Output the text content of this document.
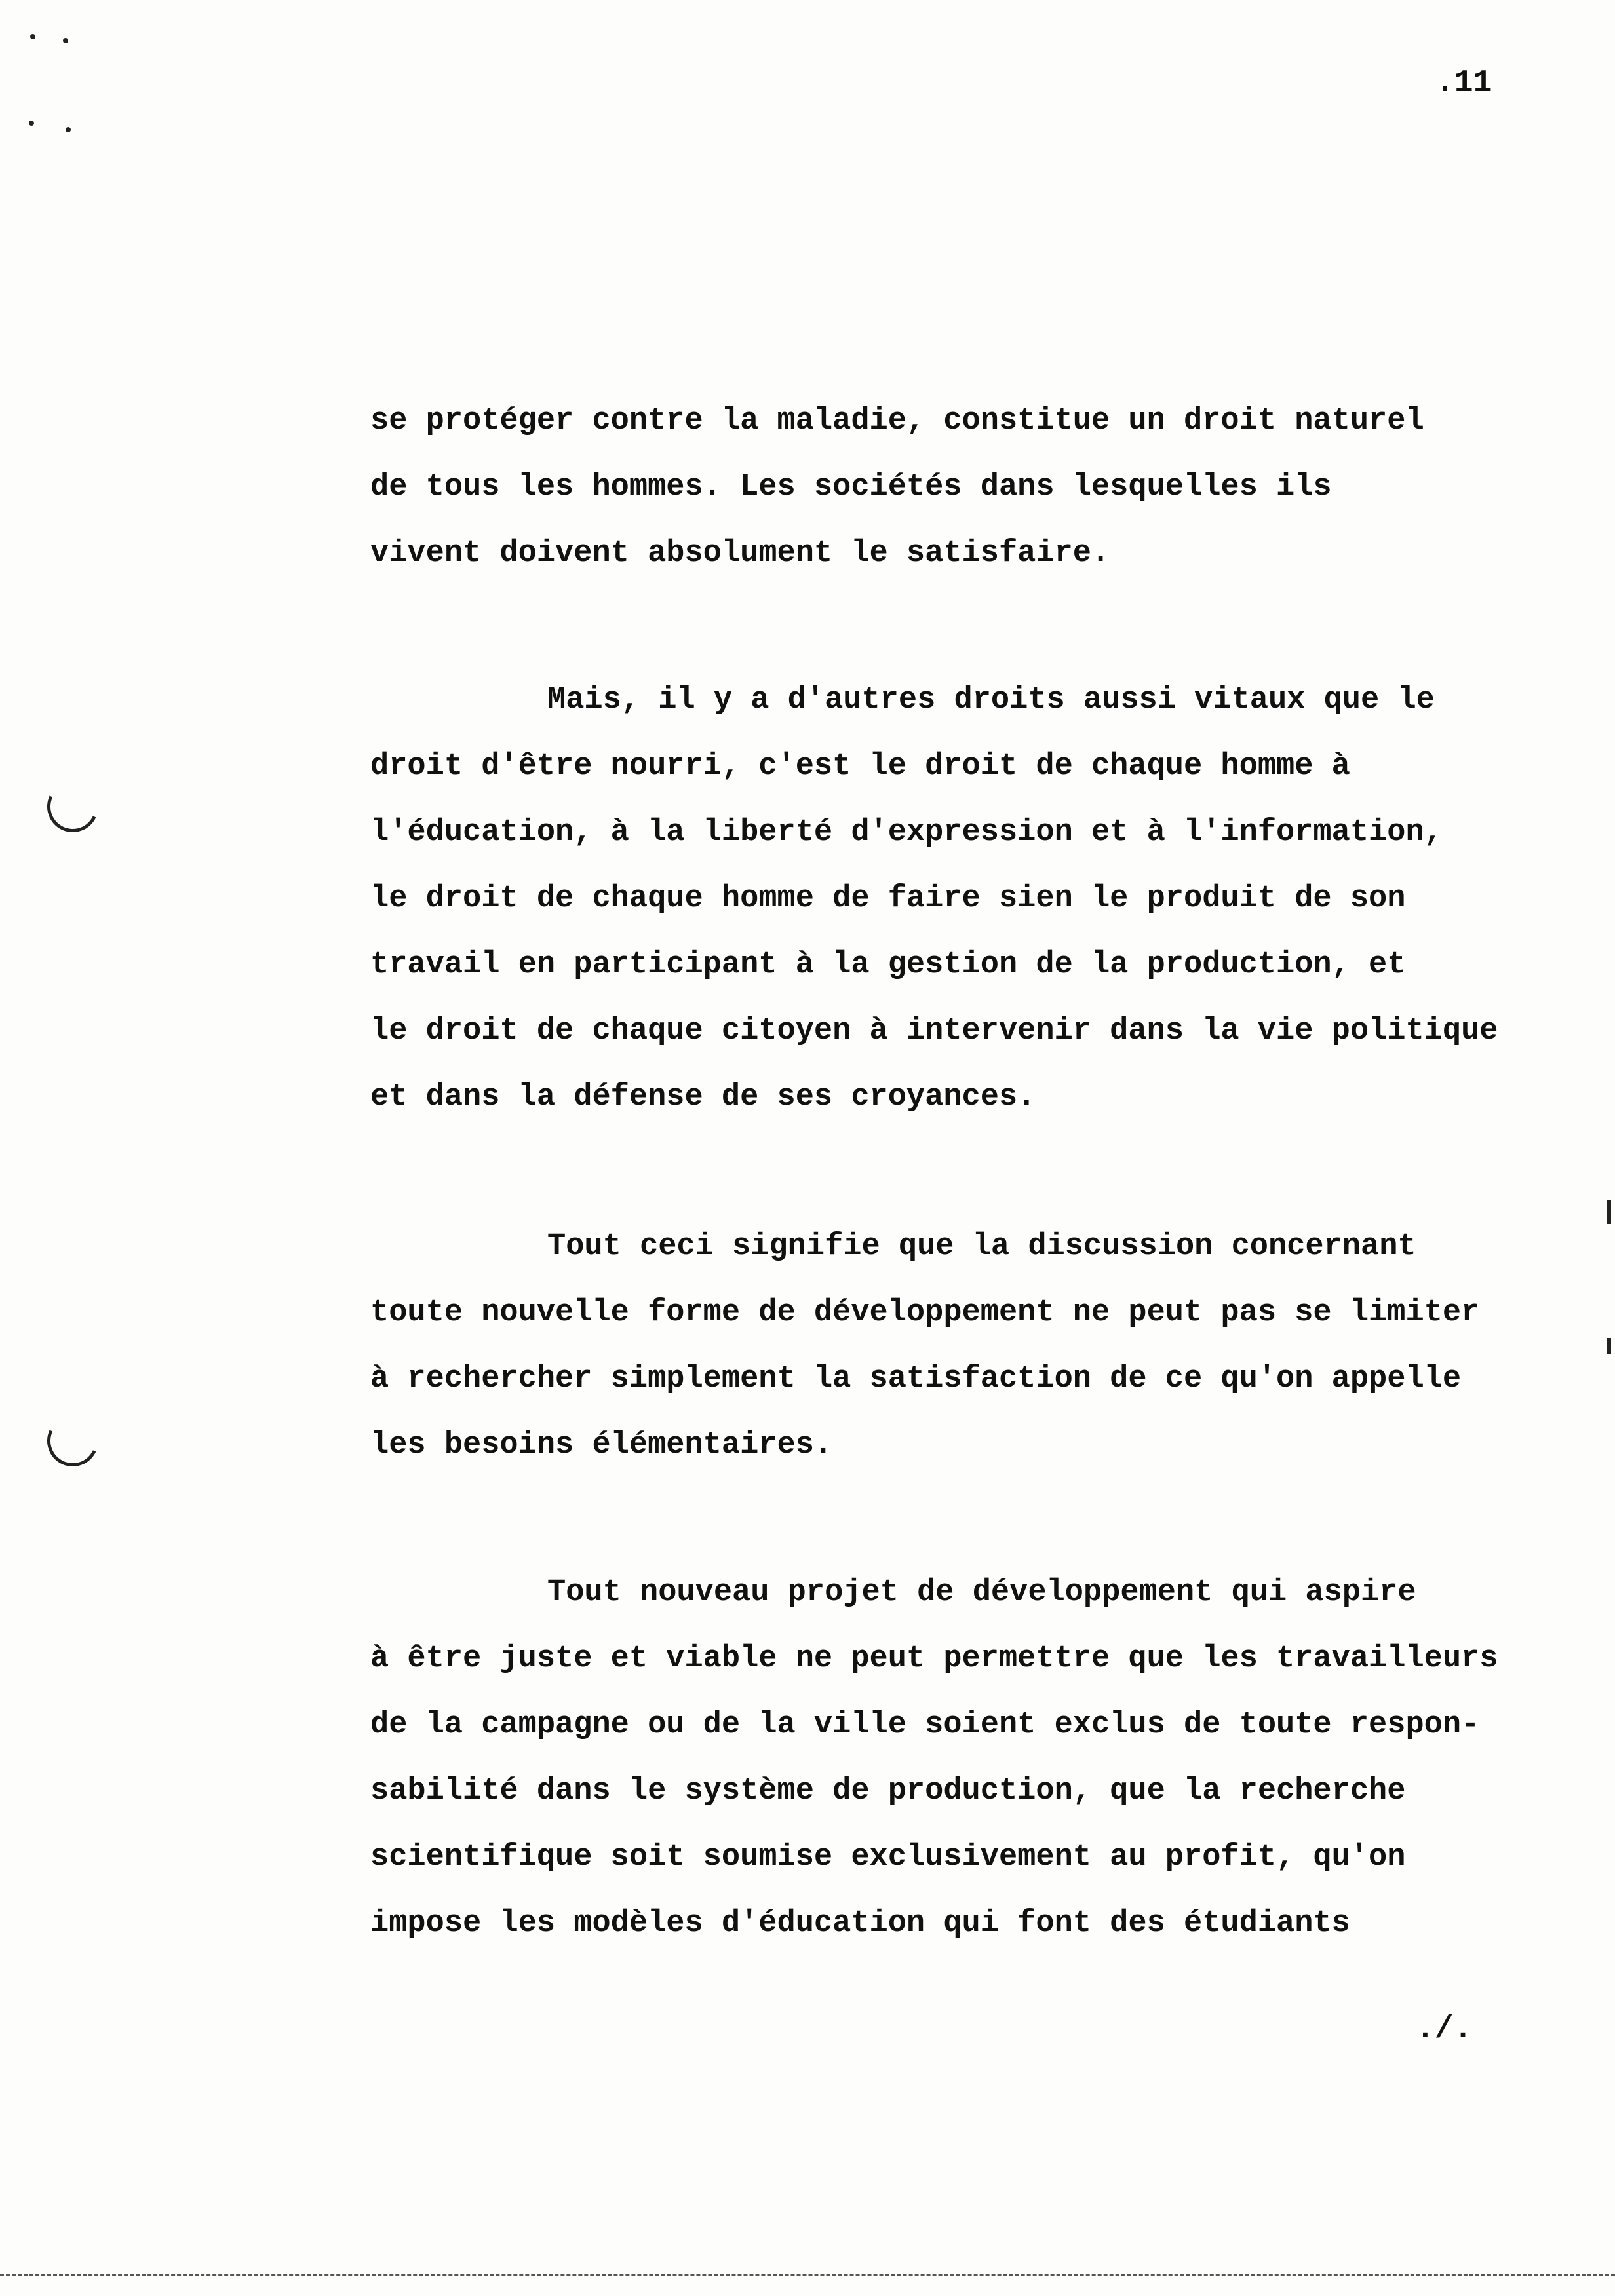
.11
se protéger contre la maladie, constitue un droit naturel
de tous les hommes. Les sociétés dans lesquelles ils
vivent doivent absolument le satisfaire.
Mais, il y a d'autres droits aussi vitaux que le
droit d'être nourri, c'est le droit de chaque homme à
l'éducation, à la liberté d'expression et à l'information,
le droit de chaque homme de faire sien le produit de son
travail en participant à la gestion de la production, et
le droit de chaque citoyen à intervenir dans la vie politique
et dans la défense de ses croyances.
Tout ceci signifie que la discussion concernant
toute nouvelle forme de développement ne peut pas se limiter
à rechercher simplement la satisfaction de ce qu'on appelle
les besoins élémentaires.
Tout nouveau projet de développement qui aspire
à être juste et viable ne peut permettre que les travailleurs
de la campagne ou de la ville soient exclus de toute respon-
sabilité dans le système de production, que la recherche
scientifique soit soumise exclusivement au profit, qu'on
impose les modèles d'éducation qui font des étudiants
./.
